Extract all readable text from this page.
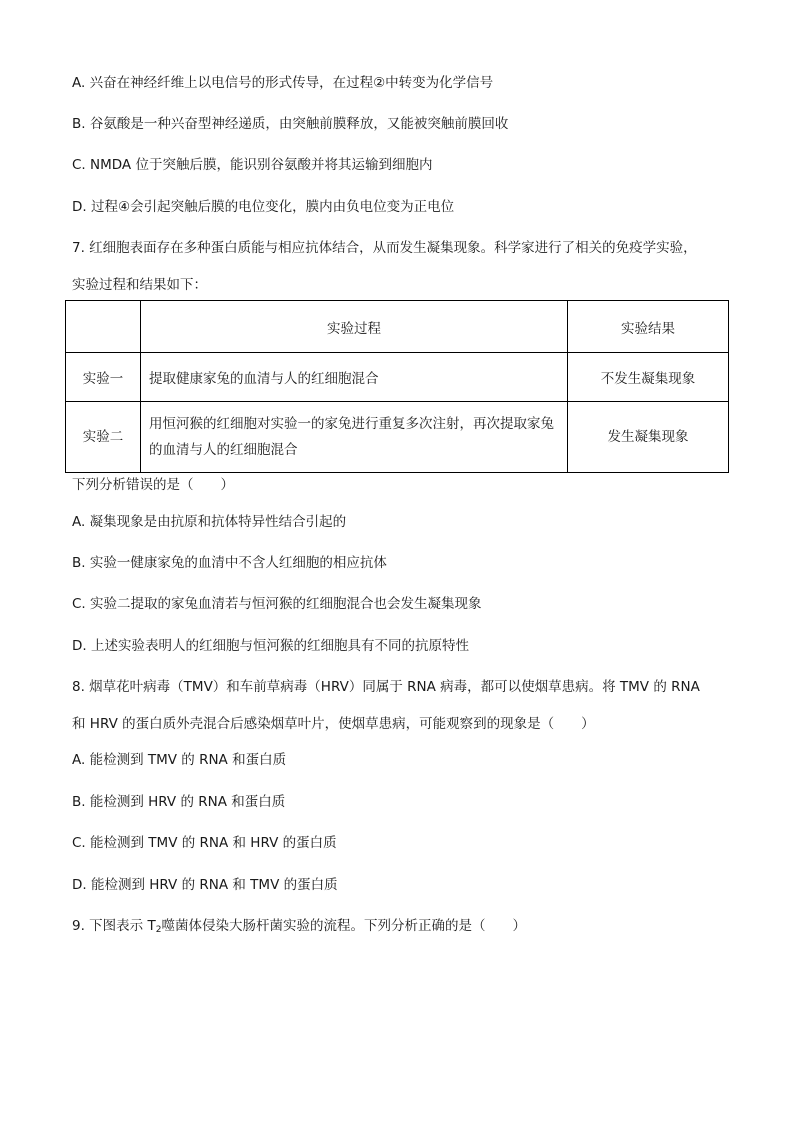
A. 兴奋在神经纤维上以电信号的形式传导，在过程②中转变为化学信号
B. 谷氨酸是一种兴奋型神经递质，由突触前膜释放，又能被突触前膜回收
C. NMDA 位于突触后膜，能识别谷氨酸并将其运输到细胞内
D. 过程④会引起突触后膜的电位变化，膜内由负电位变为正电位
7. 红细胞表面存在多种蛋白质能与相应抗体结合，从而发生凝集现象。科学家进行了相关的免疫学实验，
实验过程和结果如下：
	实验过程	实验结果
实验一	提取健康家兔的血清与人的红细胞混合	不发生凝集现象
实验二	用恒河猴的红细胞对实验一的家兔进行重复多次注射，再次提取家兔的血清与人的红细胞混合	发生凝集现象
下列分析错误的是（　　）
A. 凝集现象是由抗原和抗体特异性结合引起的
B. 实验一健康家兔的血清中不含人红细胞的相应抗体
C. 实验二提取的家兔血清若与恒河猴的红细胞混合也会发生凝集现象
D. 上述实验表明人的红细胞与恒河猴的红细胞具有不同的抗原特性
8. 烟草花叶病毒（TMV）和车前草病毒（HRV）同属于 RNA 病毒，都可以使烟草患病。将 TMV 的 RNA
和 HRV 的蛋白质外壳混合后感染烟草叶片，使烟草患病，可能观察到的现象是（　　）
A. 能检测到 TMV 的 RNA 和蛋白质
B. 能检测到 HRV 的 RNA 和蛋白质
C. 能检测到 TMV 的 RNA 和 HRV 的蛋白质
D. 能检测到 HRV 的 RNA 和 TMV 的蛋白质
9. 下图表示 $T_2$噬菌体侵染大肠杆菌实验的流程。下列分析正确的是（　　）
